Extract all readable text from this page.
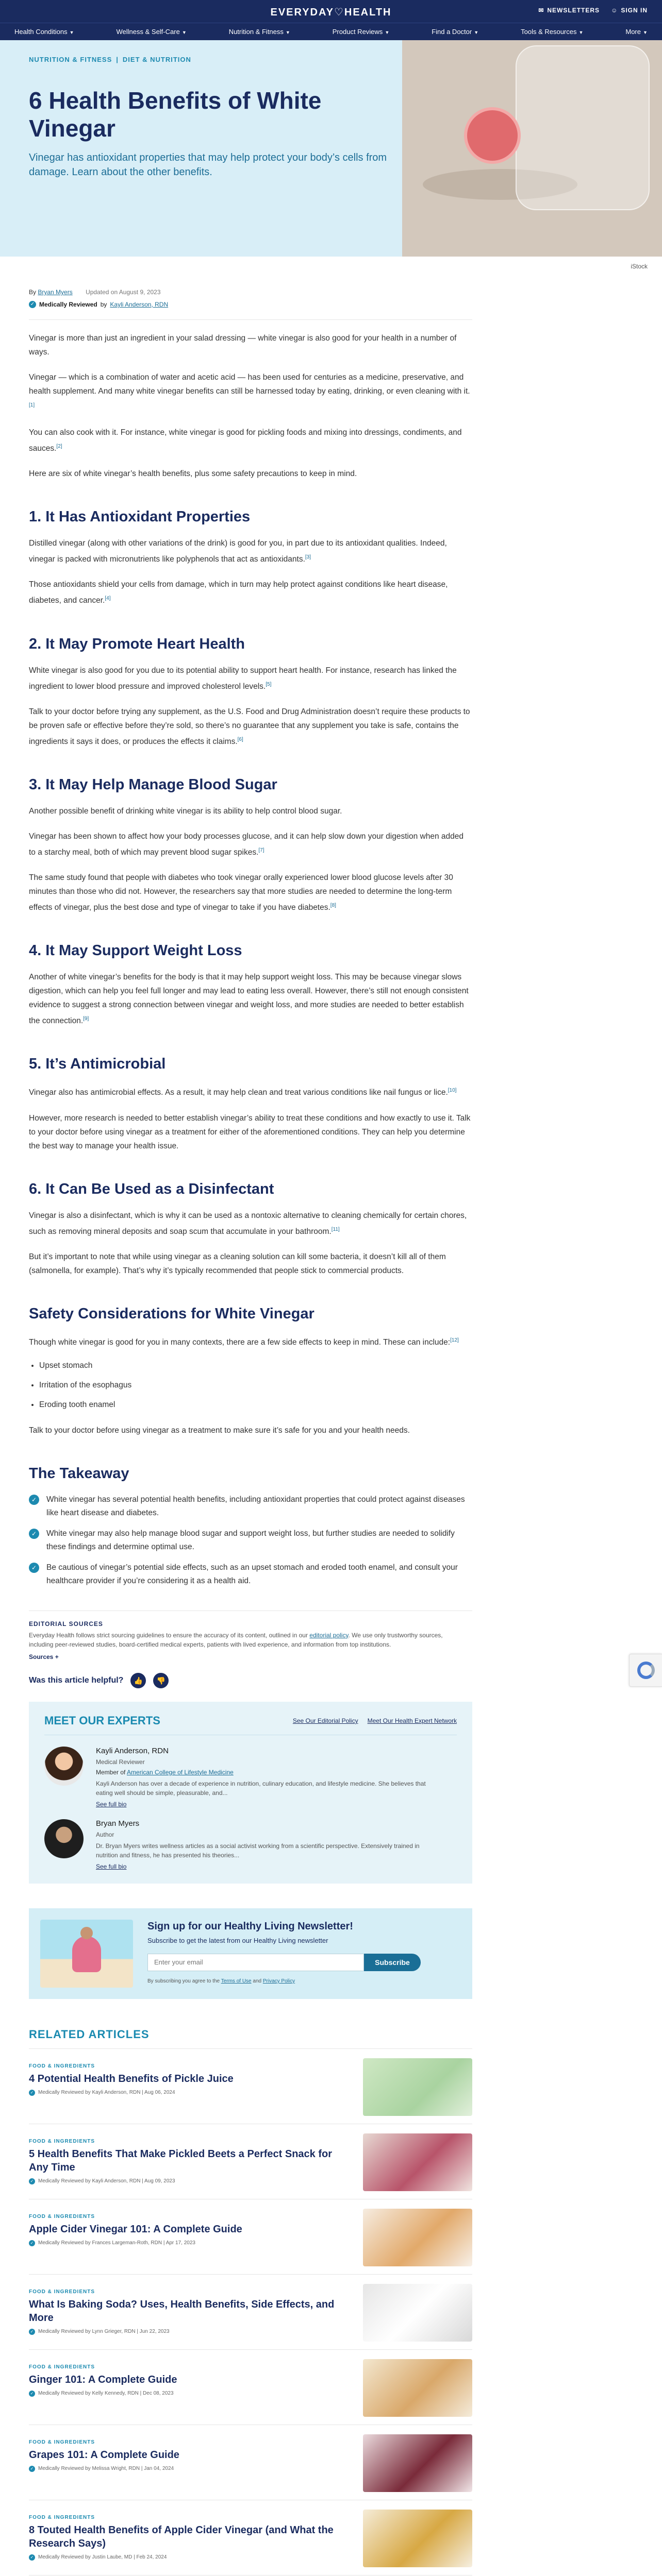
EVERYDAY♡HEALTH	✉ NEWSLETTERS ☺ SIGN IN
Health Conditions ▼	Wellness & Self-Care ▼	Nutrition & Fitness ▼	Product Reviews ▼	Find a Doctor ▼	Tools & Resources ▼	More ▼
NUTRITION & FITNESS | DIET & NUTRITION
6 Health Benefits of White Vinegar

Vinegar has antioxidant properties that may help protect your body’s cells from damage. Learn about the other benefits.

iStock
By Bryan Myers Updated on August 9, 2023
✓ Medically Reviewed by Kayli Anderson, RDN

Vinegar is more than just an ingredient in your salad dressing — white vinegar is also good for your health in a number of ways.

Vinegar — which is a combination of water and acetic acid — has been used for centuries as a medicine, preservative, and health supplement. And many white vinegar benefits can still be harnessed today by eating, drinking, or even cleaning with it.[1]

You can also cook with it. For instance, white vinegar is good for pickling foods and mixing into dressings, condiments, and sauces.[2]

Here are six of white vinegar’s health benefits, plus some safety precautions to keep in mind.

1. It Has Antioxidant Properties

Distilled vinegar (along with other variations of the drink) is good for you, in part due to its antioxidant qualities. Indeed, vinegar is packed with micronutrients like polyphenols that act as antioxidants.[3]

Those antioxidants shield your cells from damage, which in turn may help protect against conditions like heart disease, diabetes, and cancer.[4]

2. It May Promote Heart Health

White vinegar is also good for you due to its potential ability to support heart health. For instance, research has linked the ingredient to lower blood pressure and improved cholesterol levels.[5]

Talk to your doctor before trying any supplement, as the U.S. Food and Drug Administration doesn’t require these products to be proven safe or effective before they’re sold, so there’s no guarantee that any supplement you take is safe, contains the ingredients it says it does, or produces the effects it claims.[6]

3. It May Help Manage Blood Sugar

Another possible benefit of drinking white vinegar is its ability to help control blood sugar.

Vinegar has been shown to affect how your body processes glucose, and it can help slow down your digestion when added to a starchy meal, both of which may prevent blood sugar spikes.[7]

The same study found that people with diabetes who took vinegar orally experienced lower blood glucose levels after 30 minutes than those who did not. However, the researchers say that more studies are needed to determine the long-term effects of vinegar, plus the best dose and type of vinegar to take if you have diabetes.[8]

4. It May Support Weight Loss

Another of white vinegar’s benefits for the body is that it may help support weight loss. This may be because vinegar slows digestion, which can help you feel full longer and may lead to eating less overall. However, there’s still not enough consistent evidence to suggest a strong connection between vinegar and weight loss, and more studies are needed to better establish the connection.[9]

5. It’s Antimicrobial

Vinegar also has antimicrobial effects. As a result, it may help clean and treat various conditions like nail fungus or lice.[10]

However, more research is needed to better establish vinegar’s ability to treat these conditions and how exactly to use it. Talk to your doctor before using vinegar as a treatment for either of the aforementioned conditions. They can help you determine the best way to manage your health issue.

6. It Can Be Used as a Disinfectant

Vinegar is also a disinfectant, which is why it can be used as a nontoxic alternative to cleaning chemically for certain chores, such as removing mineral deposits and soap scum that accumulate in your bathroom.[11]

But it’s important to note that while using vinegar as a cleaning solution can kill some bacteria, it doesn’t kill all of them (salmonella, for example). That’s why it’s typically recommended that people stick to commercial products.

Safety Considerations for White Vinegar

Though white vinegar is good for you in many contexts, there are a few side effects to keep in mind. These can include:[12]

• Upset stomach
• Irritation of the esophagus
• Eroding tooth enamel

Talk to your doctor before using vinegar as a treatment to make sure it’s safe for you and your health needs.

The Takeaway
✓	White vinegar has several potential health benefits, including antioxidant properties that could protect against diseases like heart disease and diabetes.
✓	White vinegar may also help manage blood sugar and support weight loss, but further studies are needed to solidify these findings and determine optimal use.
✓	Be cautious of vinegar’s potential side effects, such as an upset stomach and eroded tooth enamel, and consult your healthcare provider if you’re considering it as a health aid.
EDITORIAL SOURCES
Everyday Health follows strict sourcing guidelines to ensure the accuracy of its content, outlined in our editorial policy. We use only trustworthy sources, including peer-reviewed studies, board-certified medical experts, patients with lived experience, and information from top institutions.
Sources +
Was this article helpful?	👍	👎
MEET OUR EXPERTS	See Our Editorial Policy Meet Our Health Expert Network
Kayli Anderson, RDN
Medical Reviewer
Member of American College of Lifestyle Medicine
Kayli Anderson has over a decade of experience in nutrition, culinary education, and lifestyle medicine. She believes that eating well should be simple, pleasurable, and...
See full bio
Bryan Myers
Author
Dr. Bryan Myers writes wellness articles as a social activist working from a scientific perspective. Extensively trained in nutrition and fitness, he has presented his theories...
See full bio
Sign up for our Healthy Living Newsletter!
Subscribe to get the latest from our Healthy Living newsletter
Enter your email
Subscribe
By subscribing you agree to the Terms of Use and Privacy Policy
RELATED ARTICLES
FOOD & INGREDIENTS
4 Potential Health Benefits of Pickle Juice
✓ Medically Reviewed by Kayli Anderson, RDN | Aug 06, 2024
FOOD & INGREDIENTS
5 Health Benefits That Make Pickled Beets a Perfect Snack for Any Time
✓ Medically Reviewed by Kayli Anderson, RDN | Aug 09, 2023
FOOD & INGREDIENTS
Apple Cider Vinegar 101: A Complete Guide
✓ Medically Reviewed by Frances Largeman-Roth, RDN | Apr 17, 2023
FOOD & INGREDIENTS
What Is Baking Soda? Uses, Health Benefits, Side Effects, and More
✓ Medically Reviewed by Lynn Grieger, RDN | Jun 22, 2023
FOOD & INGREDIENTS
Ginger 101: A Complete Guide
✓ Medically Reviewed by Kelly Kennedy, RDN | Dec 08, 2023
FOOD & INGREDIENTS
Grapes 101: A Complete Guide
✓ Medically Reviewed by Melissa Wright, RDN | Jan 04, 2024
FOOD & INGREDIENTS
8 Touted Health Benefits of Apple Cider Vinegar (and What the Research Says)
✓ Medically Reviewed by Justin Laube, MD | Feb 24, 2024
